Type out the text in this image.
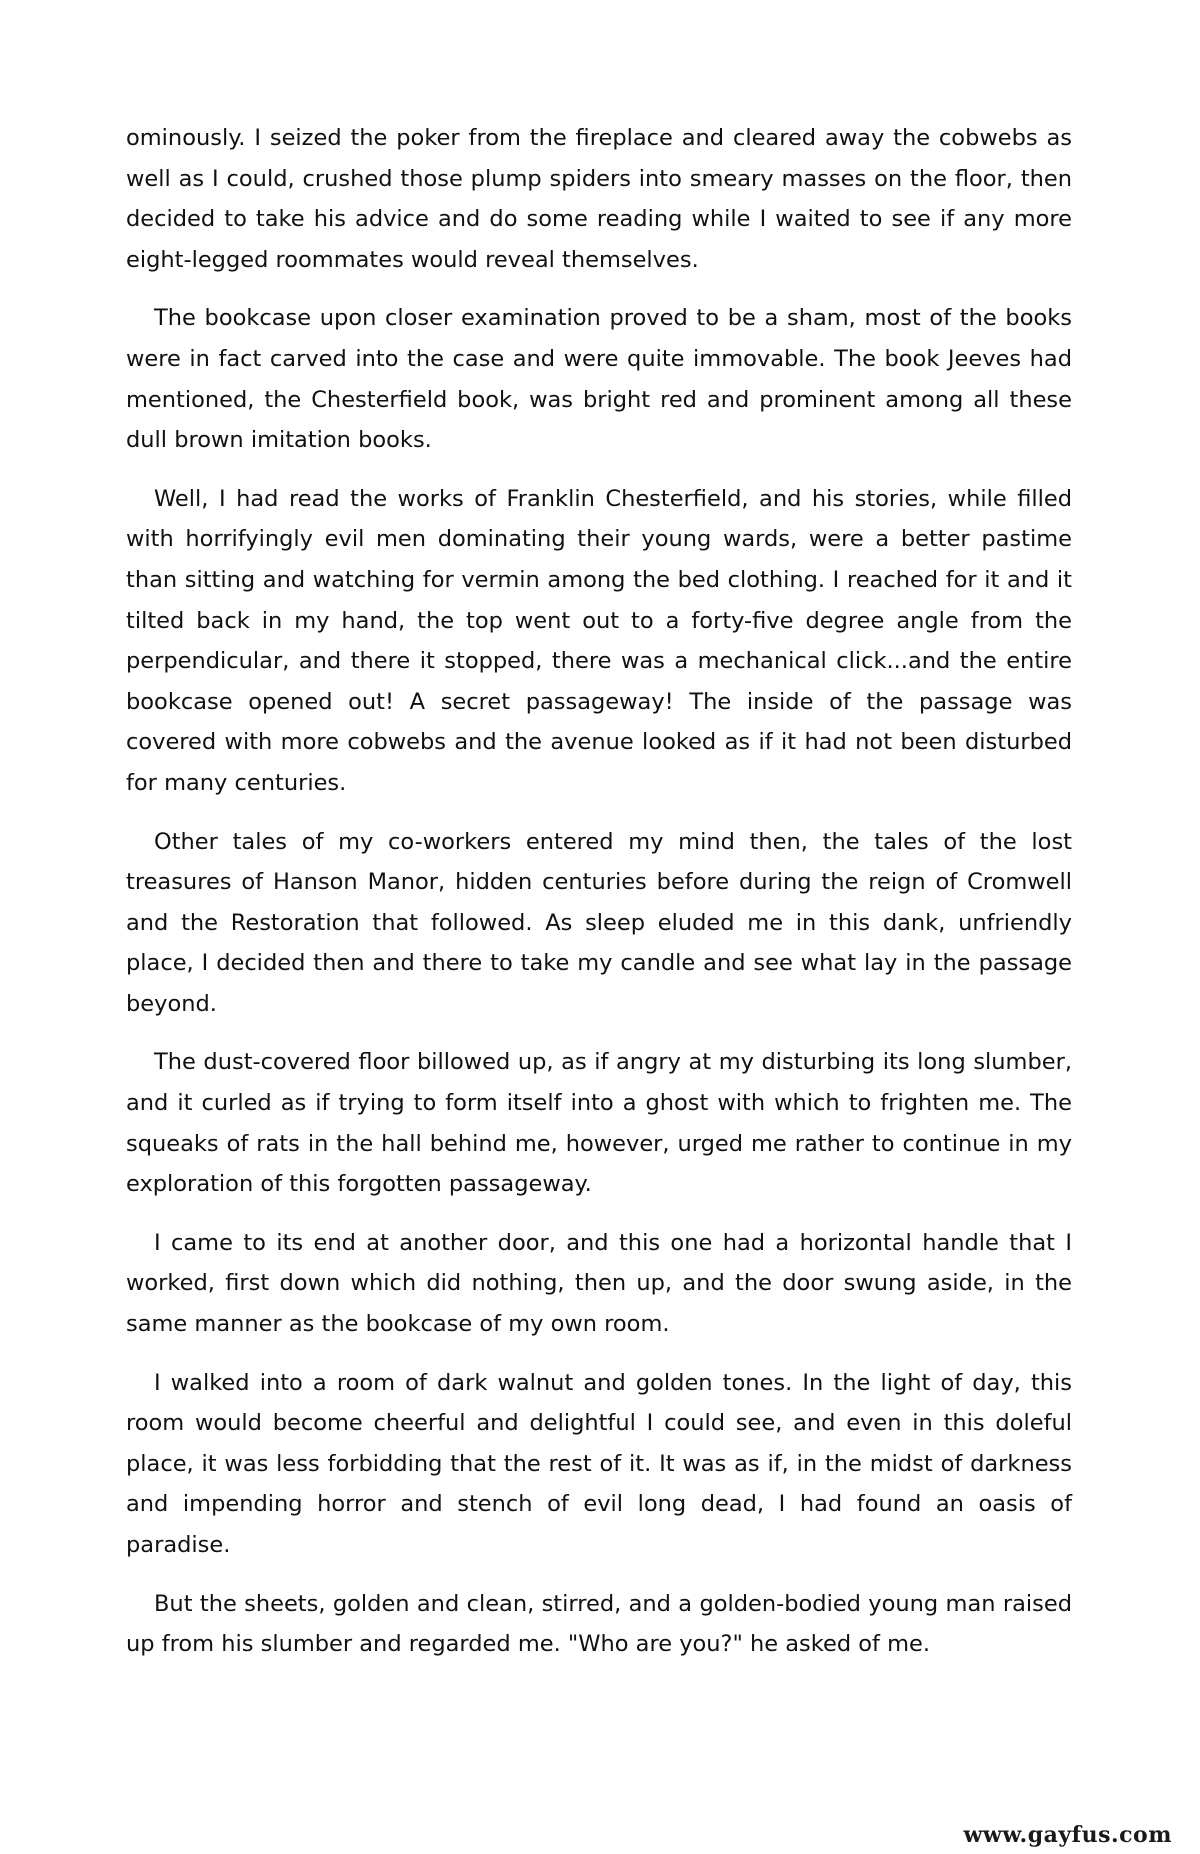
ominously. I seized the poker from the fireplace and cleared away the cobwebs as well as I could, crushed those plump spiders into smeary masses on the floor, then decided to take his advice and do some reading while I waited to see if any more eight-legged roommates would reveal themselves.

The bookcase upon closer examination proved to be a sham, most of the books were in fact carved into the case and were quite immovable. The book Jeeves had mentioned, the Chesterfield book, was bright red and prominent among all these dull brown imitation books.

Well, I had read the works of Franklin Chesterfield, and his stories, while filled with horrifyingly evil men dominating their young wards, were a better pastime than sitting and watching for vermin among the bed clothing. I reached for it and it tilted back in my hand, the top went out to a forty-five degree angle from the perpendicular, and there it stopped, there was a mechanical click...and the entire bookcase opened out! A secret passageway! The inside of the passage was covered with more cobwebs and the avenue looked as if it had not been disturbed for many centuries.

Other tales of my co-workers entered my mind then, the tales of the lost treasures of Hanson Manor, hidden centuries before during the reign of Cromwell and the Restoration that followed. As sleep eluded me in this dank, unfriendly place, I decided then and there to take my candle and see what lay in the passage beyond.

The dust-covered floor billowed up, as if angry at my disturbing its long slumber, and it curled as if trying to form itself into a ghost with which to frighten me. The squeaks of rats in the hall behind me, however, urged me rather to continue in my exploration of this forgotten passageway.

I came to its end at another door, and this one had a horizontal handle that I worked, first down which did nothing, then up, and the door swung aside, in the same manner as the bookcase of my own room.

I walked into a room of dark walnut and golden tones. In the light of day, this room would become cheerful and delightful I could see, and even in this doleful place, it was less forbidding that the rest of it. It was as if, in the midst of darkness and impending horror and stench of evil long dead, I had found an oasis of paradise.

But the sheets, golden and clean, stirred, and a golden-bodied young man raised up from his slumber and regarded me. "Who are you?" he asked of me.

www.gayfus.com
